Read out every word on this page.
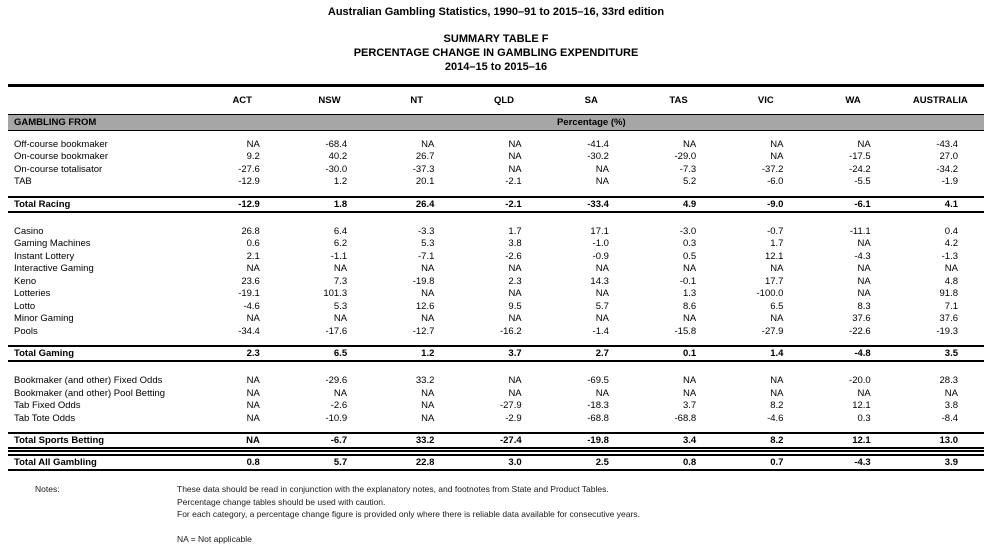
Australian Gambling Statistics, 1990–91 to 2015–16, 33rd edition
SUMMARY TABLE F
PERCENTAGE CHANGE IN GAMBLING EXPENDITURE
2014–15 to 2015–16
	ACT	NSW	NT	QLD	SA	TAS	VIC	WA	AUSTRALIA
GAMBLING FROM	Percentage (%)								

Off-course bookmaker	NA	-68.4	NA	NA	-41.4	NA	NA	NA	-43.4
On-course bookmaker	9.2	40.2	26.7	NA	-30.2	-29.0	NA	-17.5	27.0
On-course totalisator	-27.6	-30.0	-37.3	NA	NA	-7.3	-37.2	-24.2	-34.2
TAB	-12.9	1.2	20.1	-2.1	NA	5.2	-6.0	-5.5	-1.9

Total Racing	-12.9	1.8	26.4	-2.1	-33.4	4.9	-9.0	-6.1	4.1

Casino	26.8	6.4	-3.3	1.7	17.1	-3.0	-0.7	-11.1	0.4
Gaming Machines	0.6	6.2	5.3	3.8	-1.0	0.3	1.7	NA	4.2
Instant Lottery	2.1	-1.1	-7.1	-2.6	-0.9	0.5	12.1	-4.3	-1.3
Interactive Gaming	NA	NA	NA	NA	NA	NA	NA	NA	NA
Keno	23.6	7.3	-19.8	2.3	14.3	-0.1	17.7	NA	4.8
Lotteries	-19.1	101.3	NA	NA	NA	1.3	-100.0	NA	91.8
Lotto	-4.6	5.3	12.6	9.5	5.7	8.6	6.5	8.3	7.1
Minor Gaming	NA	NA	NA	NA	NA	NA	NA	37.6	37.6
Pools	-34.4	-17.6	-12.7	-16.2	-1.4	-15.8	-27.9	-22.6	-19.3

Total Gaming	2.3	6.5	1.2	3.7	2.7	0.1	1.4	-4.8	3.5

Bookmaker (and other) Fixed Odds	NA	-29.6	33.2	NA	-69.5	NA	NA	-20.0	28.3
Bookmaker (and other) Pool Betting	NA	NA	NA	NA	NA	NA	NA	NA	NA
Tab Fixed Odds	NA	-2.6	NA	-27.9	-18.3	3.7	8.2	12.1	3.8
Tab Tote Odds	NA	-10.9	NA	-2.9	-68.8	-68.8	-4.6	0.3	-8.4

Total Sports Betting	NA	-6.7	33.2	-27.4	-19.8	3.4	8.2	12.1	13.0

Total All Gambling	0.8	5.7	22.8	3.0	2.5	0.8	0.7	-4.3	3.9
Notes:	These data should be read in conjunction with the explanatory notes, and footnotes from State and Product Tables.
Percentage change tables should be used with caution.
For each category, a percentage change figure is provided only where there is reliable data available for consecutive years.
NA = Not applicable
